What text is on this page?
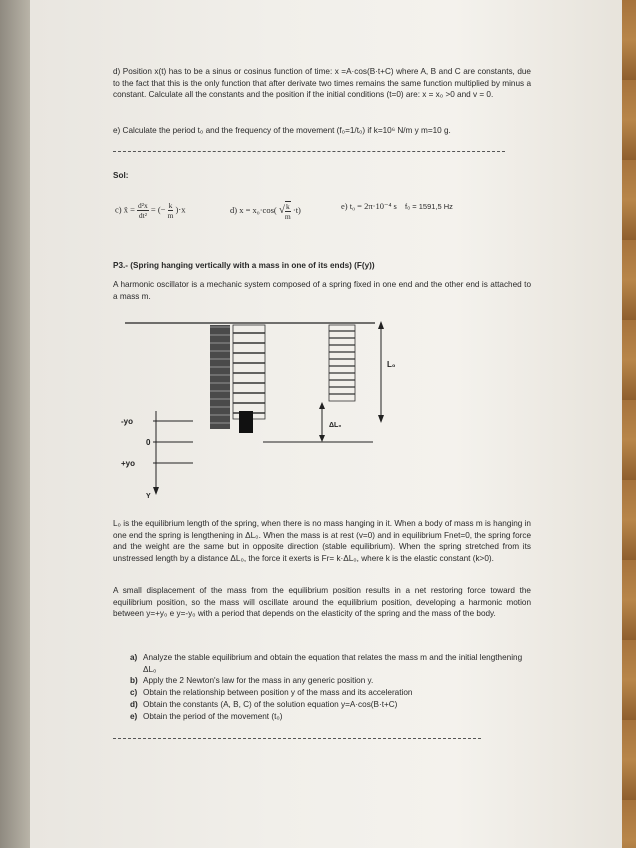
d) Position x(t) has to be a sinus or cosinus function of time: x =A·cos(B·t+C) where A, B and C are constants, due to the fact that this is the only function that after derivate two times remains the same function multiplied by minus a constant. Calculate all the constants and the position if the initial conditions (t=0) are: x = x₀ >0 and v = 0.

e) Calculate the period t₀ and the frequency of the movement (f₀=1/t₀) if k=10⁶ N/m y m=10 g.

Sol:
c) ẍ = $\frac{\text{d²x}}{\text{dt²}}$ = (− $\frac{k}{m} )\cdot x$	d) x = x₀·cos( √ $\frac{k}{m} \cdot t$)	e) t₀ = 2π·10⁻⁴ s f₀ = 1591,5 Hz

P3.- (Spring hanging vertically with a mass in one of its ends) (F(y))

A harmonic oscillator is a mechanic system composed of a spring fixed in one end and the other end is attached to a mass m.

L₀
ΔL₀
-yo
0
+yo
Y

L₀ is the equilibrium length of the spring, when there is no mass hanging in it. When a body of mass m is hanging in one end the spring is lengthening in ΔL₀. When the mass is at rest (v=0) and in equilibrium Fnet=0, the spring force and the weight are the same but in opposite direction (stable equilibrium). When the spring stretched from its unstressed length by a distance ΔL₀, the force it exerts is Fr= k·ΔL₀, where k is the elastic constant (k>0).

A small displacement of the mass from the equilibrium position results in a net restoring force toward the equilibrium position, so the mass will oscillate around the equilibrium position, developing a harmonic motion between y=+y₀ e y=-y₀ with a period that depends on the elasticity of the spring and the mass of the body.

a) Analyze the stable equilibrium and obtain the equation that relates the mass m and the initial lengthening ΔL₀
b) Apply the 2 Newton's law for the mass in any generic position y.
c) Obtain the relationship between position y of the mass and its acceleration
d) Obtain the constants (A, B, C) of the solution equation y=A·cos(B·t+C)
e) Obtain the period of the movement (t₀)
